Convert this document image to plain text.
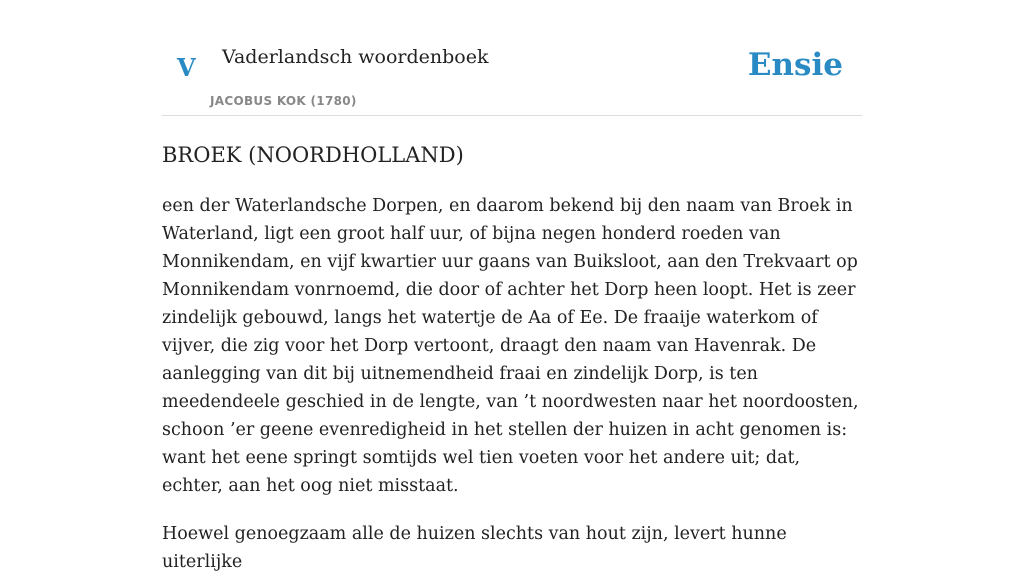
V Vaderlandsch woordenboek
JACOBUS KOK (1780)
Ensie
BROEK (NOORDHOLLAND)

een der Waterlandsche Dorpen, en daarom bekend bij den naam van Broek in Waterland, ligt een groot half uur, of bijna negen honderd roeden van Monnikendam, en vijf kwartier uur gaans van Buiksloot, aan den Trekvaart op Monnikendam vonrnoemd, die door of achter het Dorp heen loopt. Het is zeer zindelijk gebouwd, langs het watertje de Aa of Ee. De fraaije waterkom of vijver, die zig voor het Dorp vertoont, draagt den naam van Havenrak. De aanlegging van dit bij uitnemendheid fraai en zindelijk Dorp, is ten meedendeele geschied in de lengte, van ’t noordwesten naar het noordoosten, schoon ’er geene evenredigheid in het stellen der huizen in acht genomen is: want het eene springt somtijds wel tien voeten voor het andere uit; dat, echter, aan het oog niet misstaat.

Hoewel genoegzaam alle de huizen slechts van hout zijn, levert hunne uiterlijke
